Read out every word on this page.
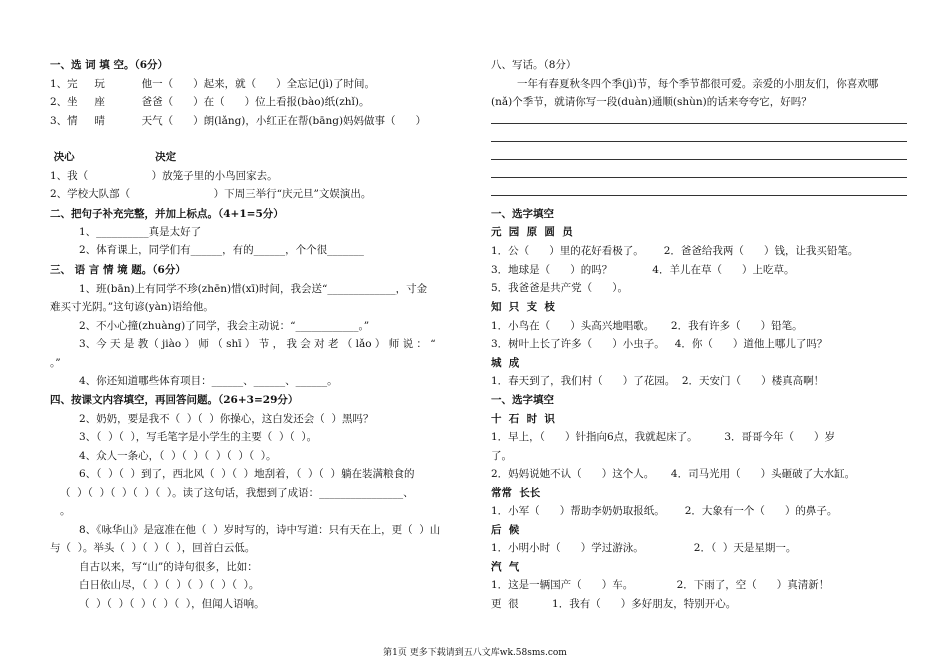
一、选 词 填 空。（6分）
1、完     玩           他一（      ）起来，就（      ）全忘记(jì)了时间。
2、坐     座           爸爸（      ）在（      ）位上看报(bào)纸(zhǐ)。
3、情     晴           天气（      ）朗(lǎng)，小红正在帮(bāng)妈妈做事（      ）
决心                      决定
1、我（                   ）放笼子里的小鸟回家去。
2、学校大队部（                         ）下周三举行“庆元旦”文娱演出。
二、把句子补充完整，并加上标点。（4+1=5分）
1、__________真是太好了
2、体育课上，同学们有______，有的______，个个很_______
三、 语 言 情 境 题。（6分）
1、班(bān)上有同学不珍(zhēn)惜(xī)时间，我会送“_____________，寸金
难买寸光阴。”这句谚(yàn)语给他。
2、不小心撞(zhuàng)了同学，我会主动说：“____________。”
3、今 天 是 教（ jiào ） 师 （ shī ） 节 ， 我 会 对 老 （ lǎo ） 师 说 ： “
。”
4、你还知道哪些体育项目：______、______、______。
四、按课文内容填空，再回答问题。（26+3=29分）
2、奶奶，要是我不（  ）（  ）你操心，这白发还会（  ）黑吗？
3、（  ）（  ），写毛笔字是小学生的主要（  ）（  ）。
4、众人一条心，（  ）（  ）（  ）（  ）（  ）。
6、（  ）（  ）到了，西北风（  ）（  ）地刮着，（  ）（  ）躺在装满粮食的
（  ）（  ）（  ）（  ）（  ）。读了这句话，我想到了成语：________________、
。
8、《咏华山》是寇准在他（  ）岁时写的，诗中写道：只有天在上，更（  ）山
与（  ）。举头（  ）（  ）（  ），回首白云低。
自古以来，写“山”的诗句很多，比如：
白日依山尽，（  ）（  ）（  ）（  ）（  ）。
（  ）（  ）（  ）（  ）（  ），但闻人语响。
八、写话。（8分）
一年有春夏秋冬四个季(jì)节，每个季节都很可爱。亲爱的小朋友们，你喜欢哪
(nǎ)个季节，就请你写一段(duàn)通顺(shùn)的话来夸夸它，好吗？
一、选字填空
元  园  原  圆  员
1．公（      ）里的花好看极了。      2．爸爸给我两（      ）钱，让我买铅笔。
3．地球是（      ）的吗？            4．羊儿在草（      ）上吃草。
5．我爸爸是共产党（      ）。
知  只  支  枝
1．小鸟在（      ）头高兴地唱歌。     2．我有许多（      ）铅笔。
3．树叶上长了许多（      ）小虫子。   4．你（      ）道他上哪儿了吗？
城  成
1．春天到了，我们村（      ）了花园。  2．天安门（      ）楼真高啊！
一、选字填空
十  石  时  识
1．早上，（      ）针指向6点，我就起床了。        3．哥哥今年（      ）岁
了。
2．妈妈说她不认（      ）这个人。     4．司马光用（      ）头砸破了大水缸。
常常  长长
1．小军（      ）帮助李奶奶取报纸。      2．大象有一个（      ）的鼻子。
后  候
1．小明小时（      ）学过游泳。               2．（  ）天是星期一。
汽  气
1．这是一辆国产（      ）车。             2．下雨了，空（      ）真清新！
更  很          1．我有（      ）多好朋友，特别开心。
第1页 更多下载请到五八文库wk.58sms.com
